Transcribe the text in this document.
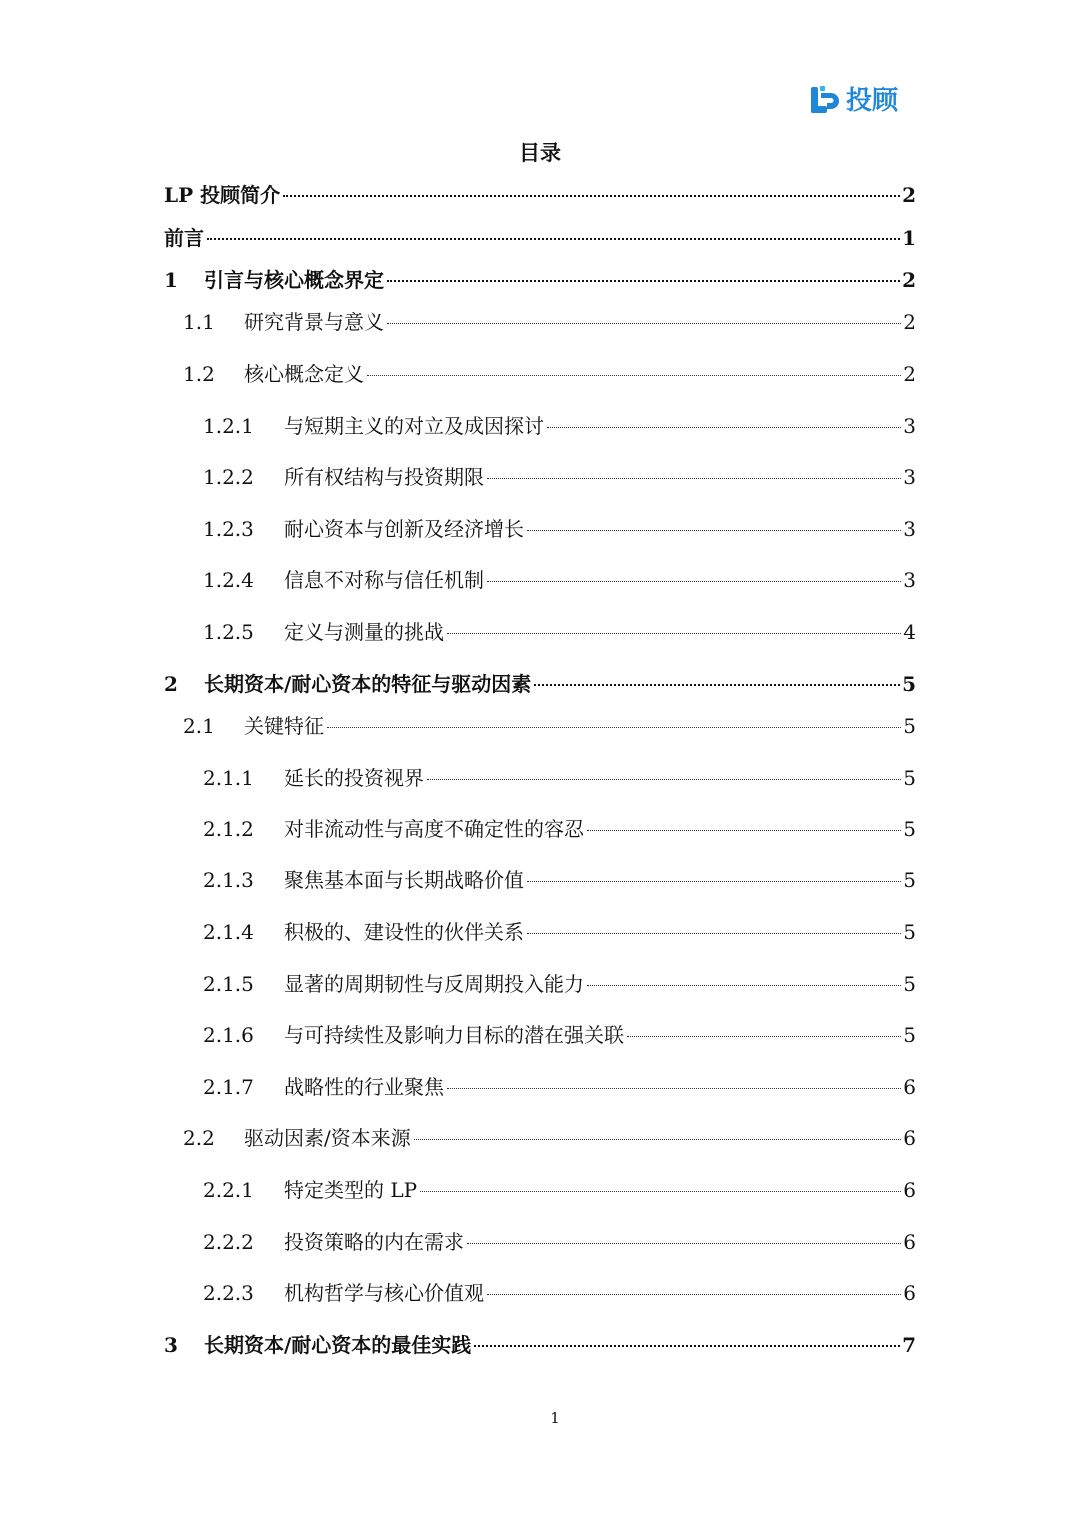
投顾
目录
LP 投顾简介	2
前言	1
1	引言与核心概念界定	2
1.1	研究背景与意义	2
1.2	核心概念定义	2
1.2.1	与短期主义的对立及成因探讨	3
1.2.2	所有权结构与投资期限	3
1.2.3	耐心资本与创新及经济增长	3
1.2.4	信息不对称与信任机制	3
1.2.5	定义与测量的挑战	4
2	长期资本/耐心资本的特征与驱动因素	5
2.1	关键特征	5
2.1.1	延长的投资视界	5
2.1.2	对非流动性与高度不确定性的容忍	5
2.1.3	聚焦基本面与长期战略价值	5
2.1.4	积极的、建设性的伙伴关系	5
2.1.5	显著的周期韧性与反周期投入能力	5
2.1.6	与可持续性及影响力目标的潜在强关联	5
2.1.7	战略性的行业聚焦	6
2.2	驱动因素/资本来源	6
2.2.1	特定类型的 LP	6
2.2.2	投资策略的内在需求	6
2.2.3	机构哲学与核心价值观	6
3	长期资本/耐心资本的最佳实践	7
1
